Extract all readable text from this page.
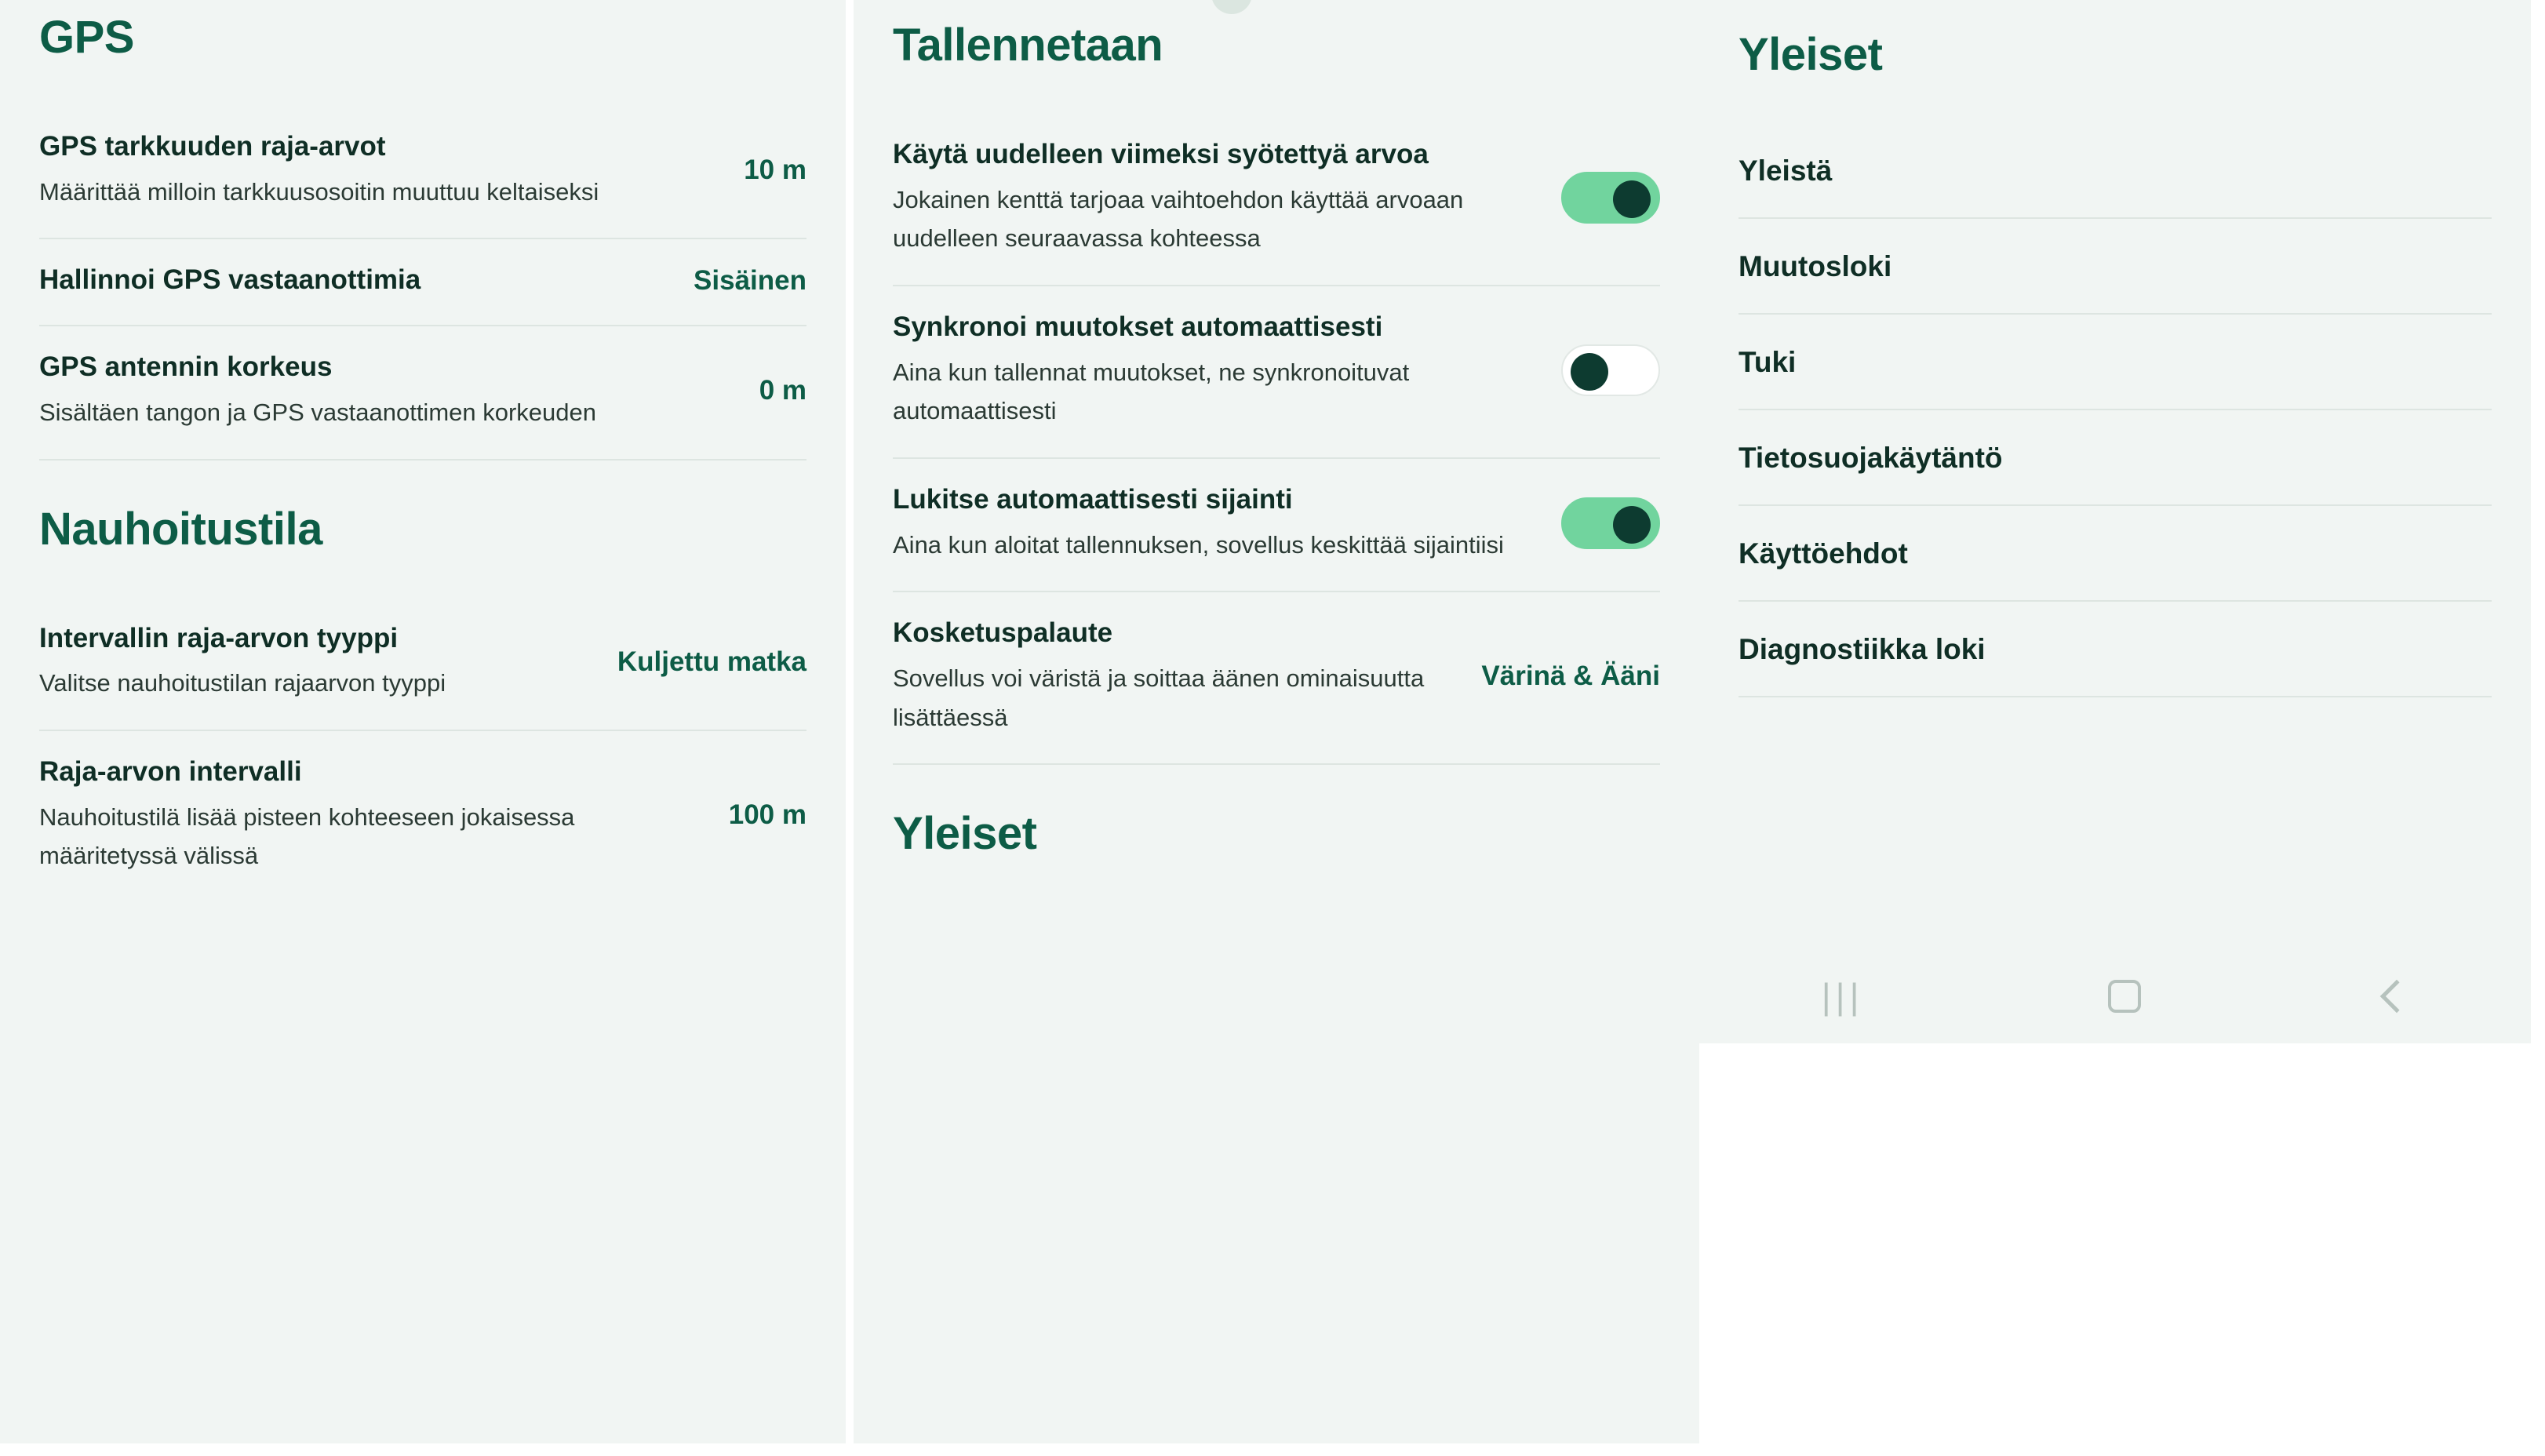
GPS
GPS tarkkuuden raja-arvot
Määrittää milloin tarkkuusosoitin muuttuu keltaiseksi
10 m
Hallinnoi GPS vastaanottimia	Sisäinen
GPS antennin korkeus
Sisältäen tangon ja GPS vastaanottimen korkeuden
0 m
Nauhoitustila
Intervallin raja-arvon tyyppi
Valitse nauhoitustilan rajaarvon tyyppi
Kuljettu matka
Raja-arvon intervalli
Nauhoitustilä lisää pisteen kohteeseen jokaisessa määritetyssä välissä
100 m
Tallennetaan
Käytä uudelleen viimeksi syötettyä arvoa
Jokainen kenttä tarjoaa vaihtoehdon käyttää arvoaan uudelleen seuraavassa kohteessa
Synkronoi muutokset automaattisesti
Aina kun tallennat muutokset, ne synkronoituvat automaattisesti
Lukitse automaattisesti sijainti
Aina kun aloitat tallennuksen, sovellus keskittää sijaintiisi
Kosketuspalaute
Sovellus voi väristä ja soittaa äänen ominaisuutta lisättäessä
Värinä & Ääni
Yleiset
Yleiset
Yleistä
Muutosloki
Tuki
Tietosuojakäytäntö
Käyttöehdot
Diagnostiikka loki
|||
